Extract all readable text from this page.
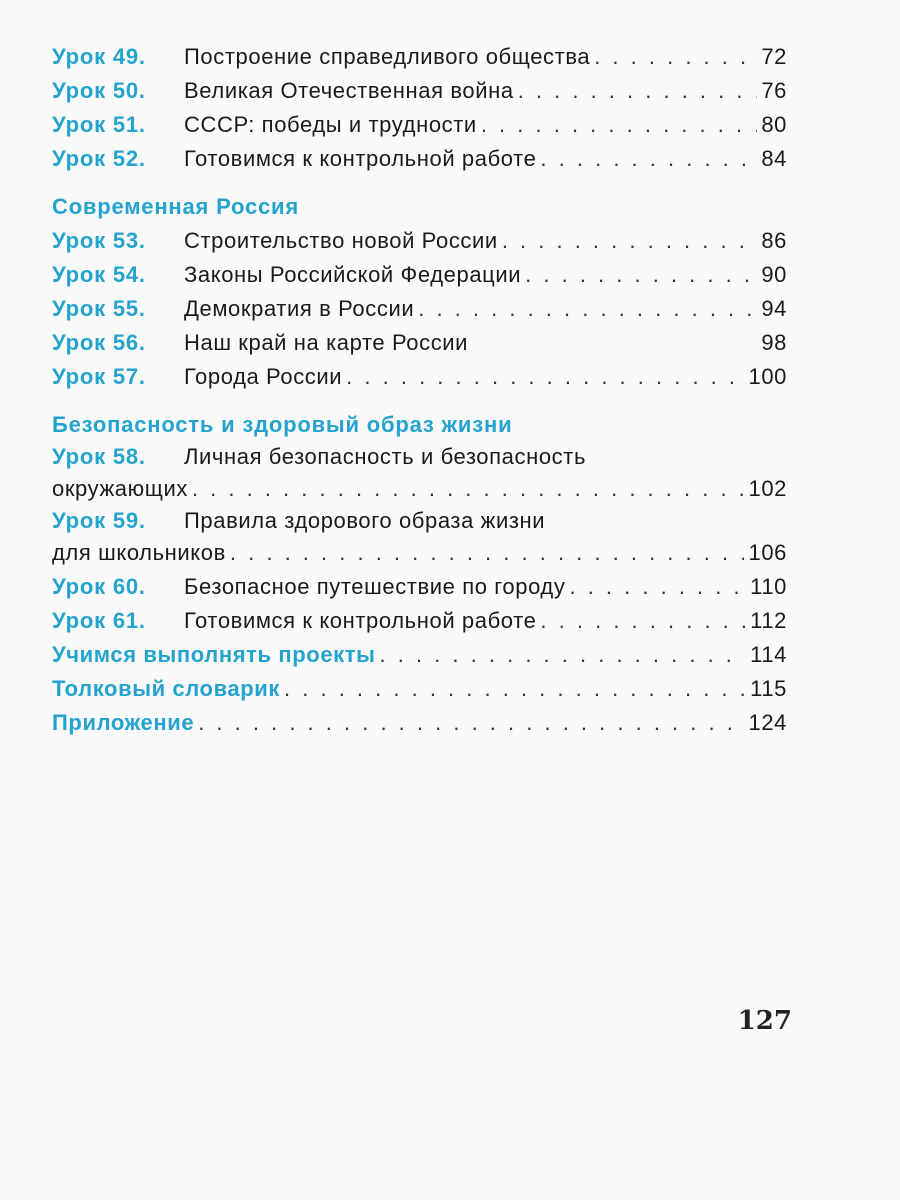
Урок 49.	Построение справедливого общества . . .	72
Урок 50.	Великая Отечественная война . . .	76
Урок 51.	СССР: победы и трудности . . .	80
Урок 52.	Готовимся к контрольной работе . . .	84
Современная Россия
Урок 53.	Строительство новой России . . .	86
Урок 54.	Законы Российской Федерации . . .	90
Урок 55.	Демократия в России . . .	94
Урок 56.	Наш край на карте России	98
Урок 57.	Города России . . .	100
Безопасность и здоровый образ жизни
Урок 58.	Личная безопасность и безопасность
окружающих . . .	102
Урок 59.	Правила здорового образа жизни
для школьников . . .	106
Урок 60.	Безопасное путешествие по городу . . .	110
Урок 61.	Готовимся к контрольной работе . . .	112
Учимся выполнять проекты . . .	114
Толковый словарик . . .	115
Приложение . . .	124
127
